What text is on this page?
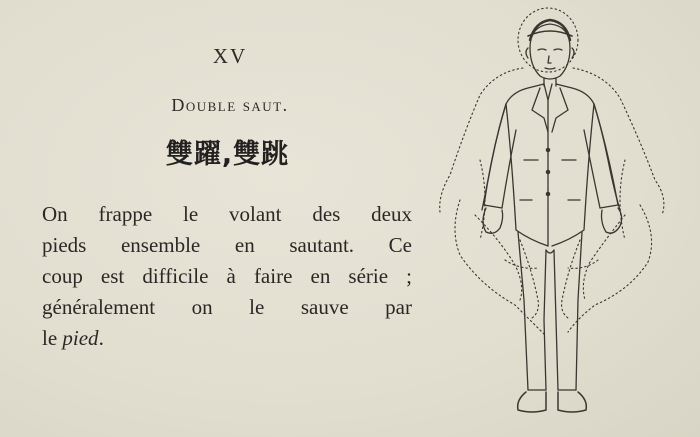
XV
Double saut.
雙躍,雙跳
On frappe le volant des deux
pieds ensemble en sautant. Ce
coup est difficile à faire en série ;
généralement on le sauve par
le pied.
